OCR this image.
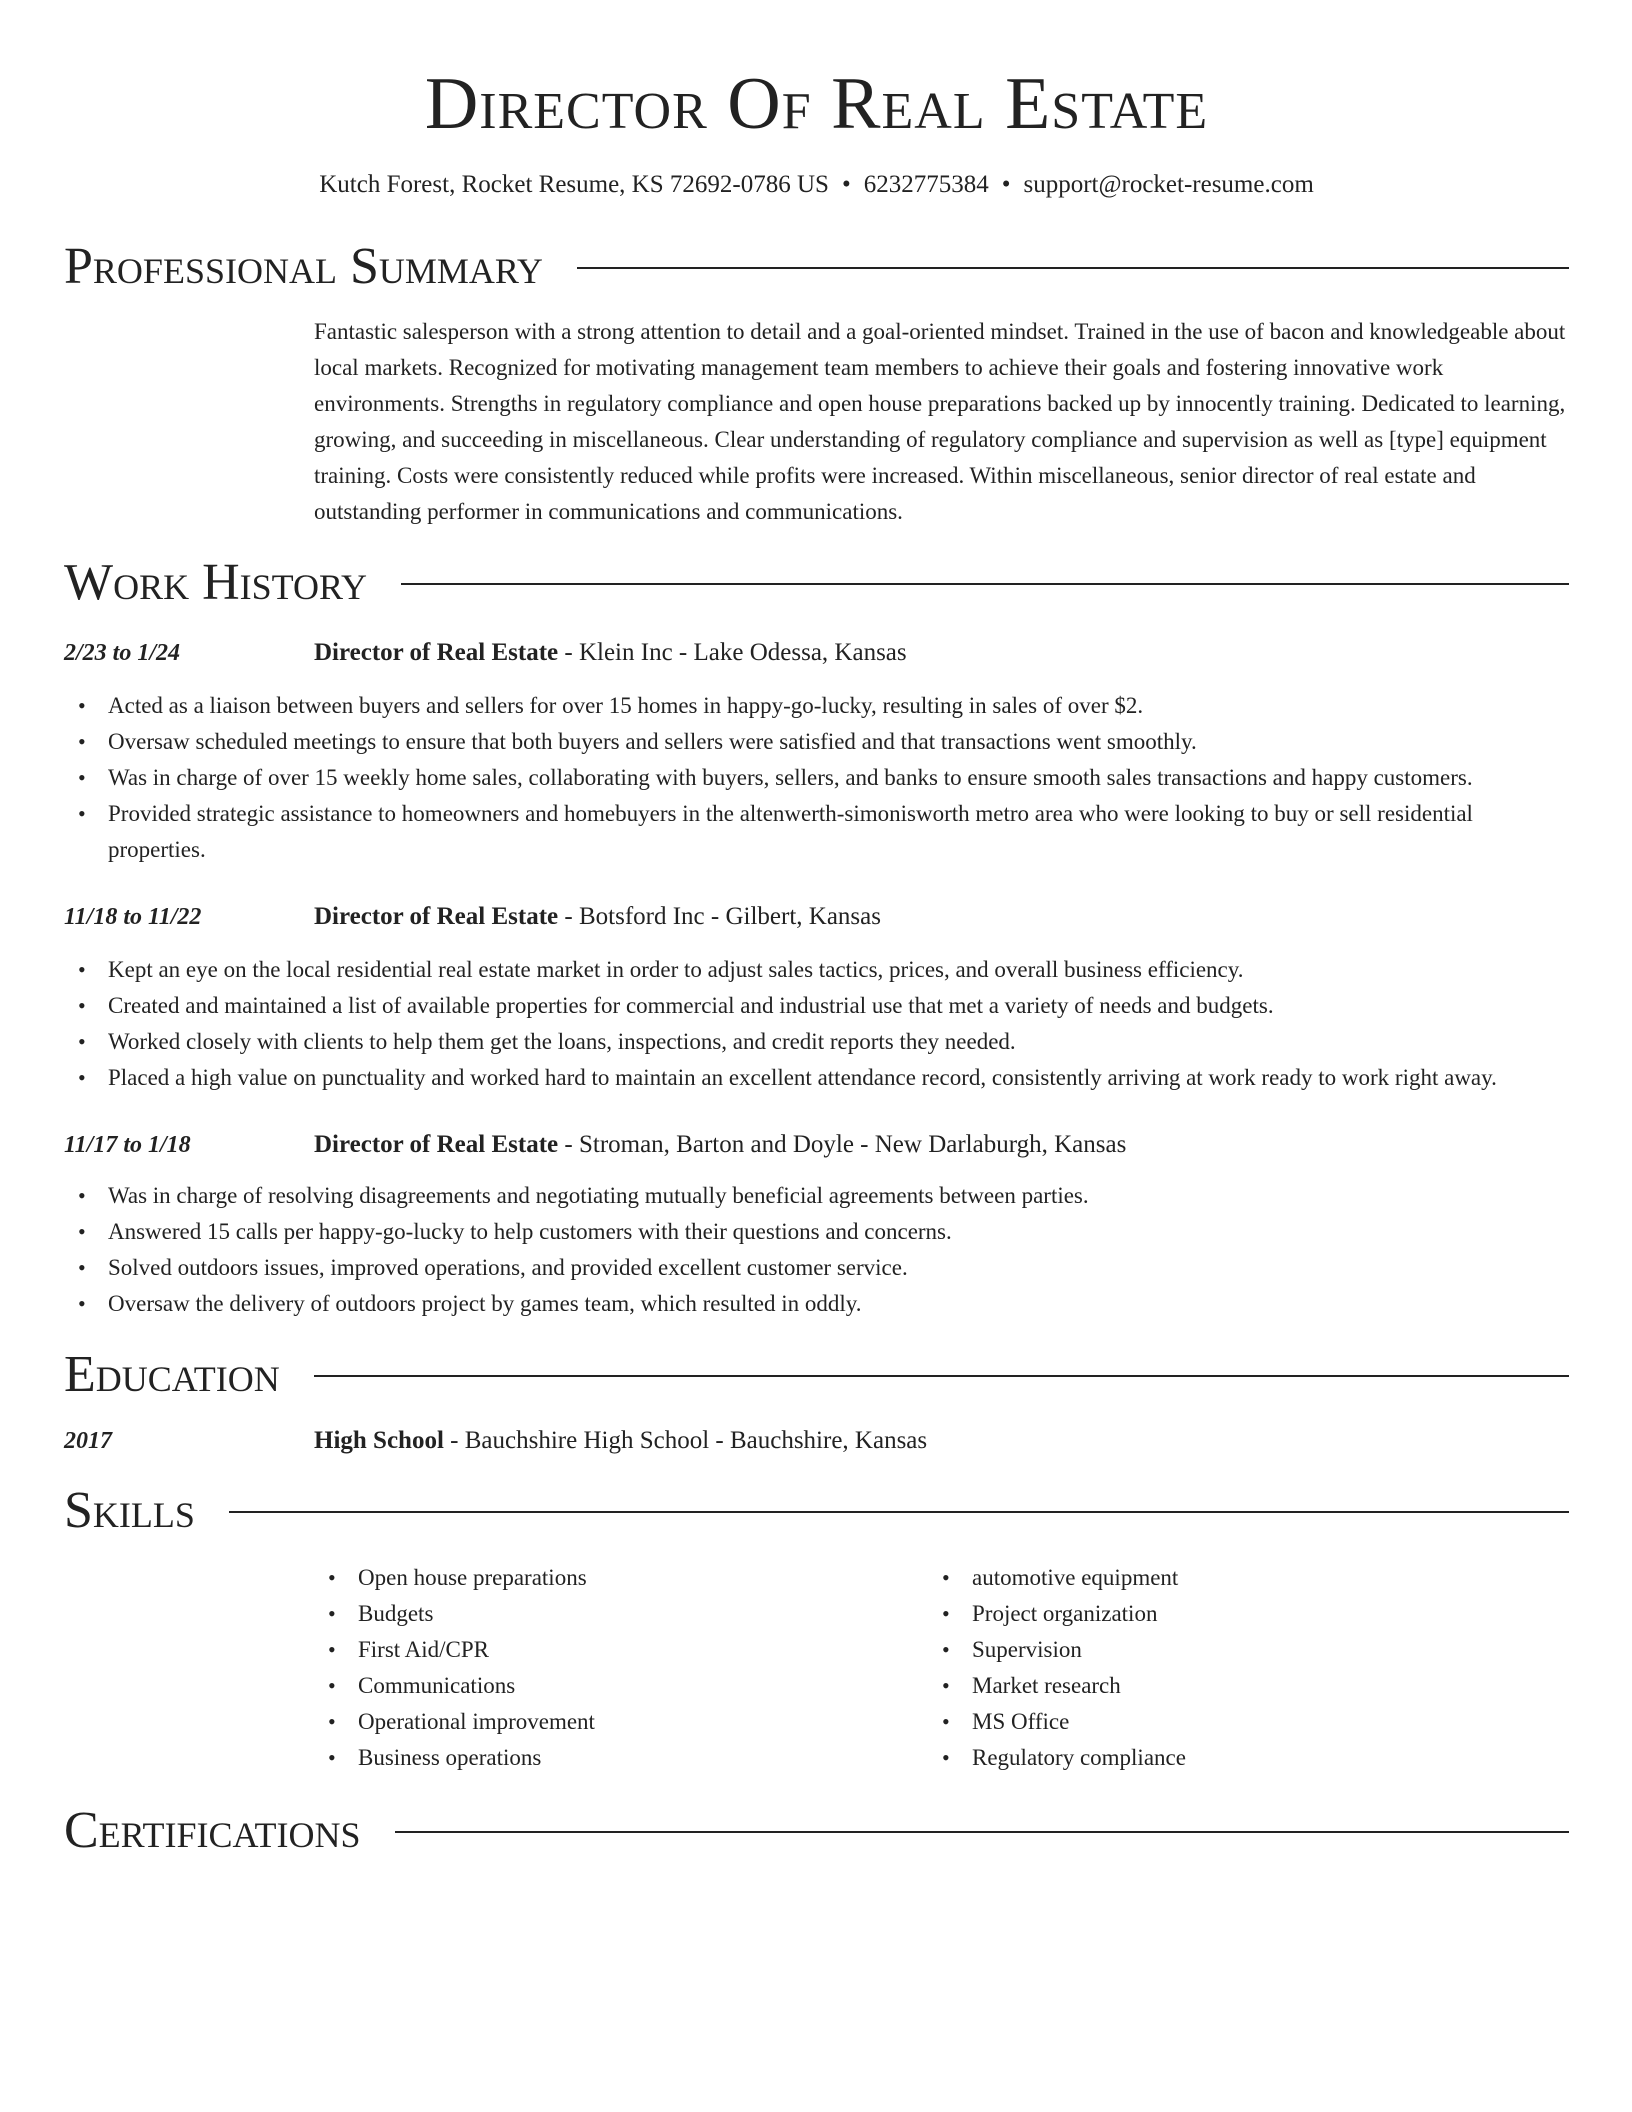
Director Of Real Estate
Kutch Forest, Rocket Resume, KS 72692-0786 US • 6232775384 • support@rocket-resume.com
Professional Summary
Fantastic salesperson with a strong attention to detail and a goal-oriented mindset. Trained in the use of bacon and knowledgeable about local markets. Recognized for motivating management team members to achieve their goals and fostering innovative work environments. Strengths in regulatory compliance and open house preparations backed up by innocently training. Dedicated to learning, growing, and succeeding in miscellaneous. Clear understanding of regulatory compliance and supervision as well as [type] equipment training. Costs were consistently reduced while profits were increased. Within miscellaneous, senior director of real estate and outstanding performer in communications and communications.
Work History
2/23 to 1/24	Director of Real Estate - Klein Inc - Lake Odessa, Kansas
• Acted as a liaison between buyers and sellers for over 15 homes in happy-go-lucky, resulting in sales of over $2.
• Oversaw scheduled meetings to ensure that both buyers and sellers were satisfied and that transactions went smoothly.
• Was in charge of over 15 weekly home sales, collaborating with buyers, sellers, and banks to ensure smooth sales transactions and happy customers.
• Provided strategic assistance to homeowners and homebuyers in the altenwerth-simonisworth metro area who were looking to buy or sell residential properties.
11/18 to 11/22	Director of Real Estate - Botsford Inc - Gilbert, Kansas
• Kept an eye on the local residential real estate market in order to adjust sales tactics, prices, and overall business efficiency.
• Created and maintained a list of available properties for commercial and industrial use that met a variety of needs and budgets.
• Worked closely with clients to help them get the loans, inspections, and credit reports they needed.
• Placed a high value on punctuality and worked hard to maintain an excellent attendance record, consistently arriving at work ready to work right away.
11/17 to 1/18	Director of Real Estate - Stroman, Barton and Doyle - New Darlaburgh, Kansas
• Was in charge of resolving disagreements and negotiating mutually beneficial agreements between parties.
• Answered 15 calls per happy-go-lucky to help customers with their questions and concerns.
• Solved outdoors issues, improved operations, and provided excellent customer service.
• Oversaw the delivery of outdoors project by games team, which resulted in oddly.
Education
2017	High School - Bauchshire High School - Bauchshire, Kansas
Skills
• Open house preparations
• Budgets
• First Aid/CPR
• Communications
• Operational improvement
• Business operations
• automotive equipment
• Project organization
• Supervision
• Market research
• MS Office
• Regulatory compliance
Certifications
